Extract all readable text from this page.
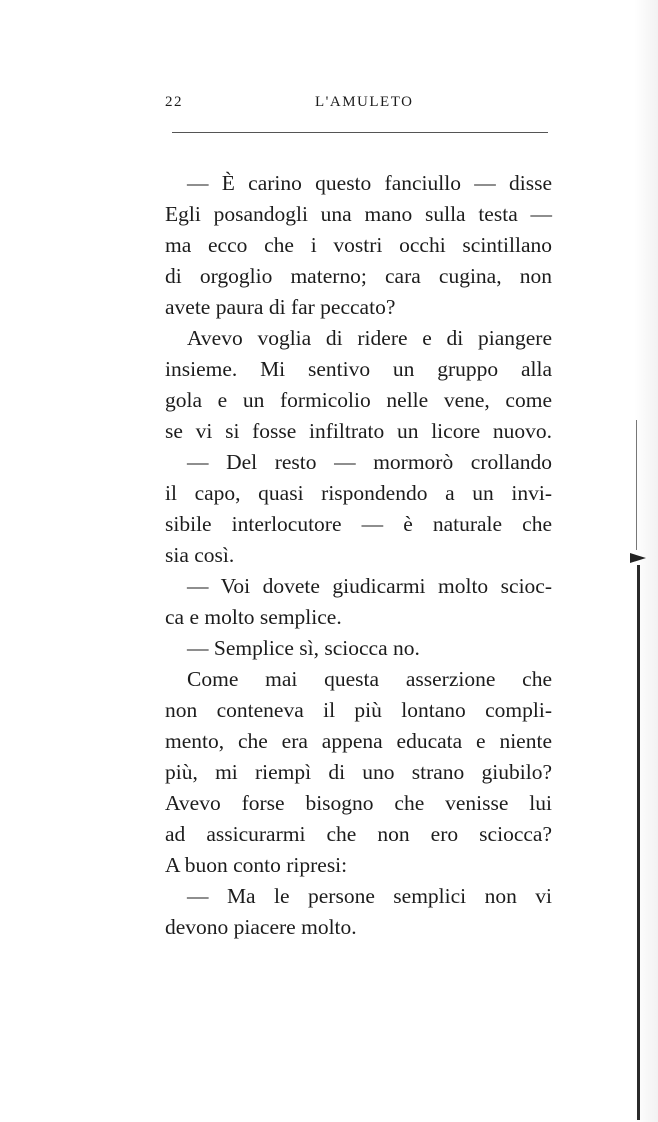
22	L'AMULETO
— È carino questo fanciullo — disse
Egli posandogli una mano sulla testa —
ma ecco che i vostri occhi scintillano
di orgoglio materno; cara cugina, non
avete paura di far peccato?
Avevo voglia di ridere e di piangere
insieme. Mi sentivo un gruppo alla
gola e un formicolio nelle vene, come
se vi si fosse infiltrato un licore nuovo.
— Del resto — mormorò crollando
il capo, quasi rispondendo a un invi-
sibile interlocutore — è naturale che
sia così.
— Voi dovete giudicarmi molto scioc-
ca e molto semplice.
— Semplice sì, sciocca no.
Come mai questa asserzione che
non conteneva il più lontano compli-
mento, che era appena educata e niente
più, mi riempì di uno strano giubilo?
Avevo forse bisogno che venisse lui
ad assicurarmi che non ero sciocca?
A buon conto ripresi:
— Ma le persone semplici non vi
devono piacere molto.
